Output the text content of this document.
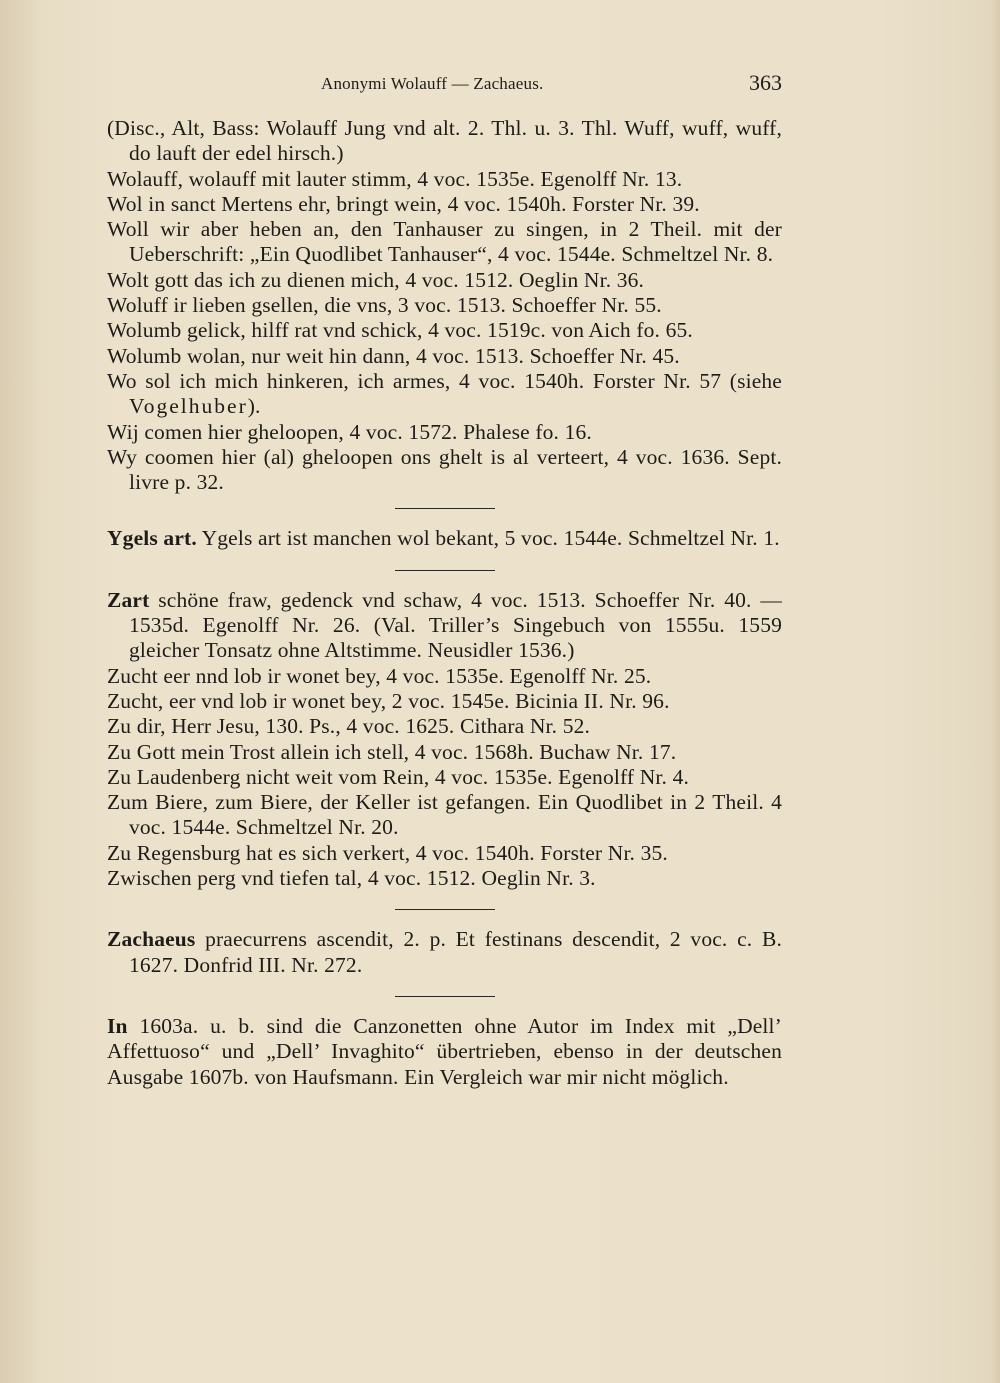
Anonymi Wolauff — Zachaeus.	363
(Disc., Alt, Bass: Wolauff Jung vnd alt. 2. Thl. u. 3. Thl. Wuff, wuff, wuff, do lauft der edel hirsch.)
Wolauff, wolauff mit lauter stimm, 4 voc. 1535e. Egenolff Nr. 13.
Wol in sanct Mertens ehr, bringt wein, 4 voc. 1540h. Forster Nr. 39.
Woll wir aber heben an, den Tanhauser zu singen, in 2 Theil. mit der Ueberschrift: „Ein Quodlibet Tanhauser“, 4 voc. 1544e. Schmeltzel Nr. 8.
Wolt gott das ich zu dienen mich, 4 voc. 1512. Oeglin Nr. 36.
Woluff ir lieben gsellen, die vns, 3 voc. 1513. Schoeffer Nr. 55.
Wolumb gelick, hilff rat vnd schick, 4 voc. 1519c. von Aich fo. 65.
Wolumb wolan, nur weit hin dann, 4 voc. 1513. Schoeffer Nr. 45.
Wo sol ich mich hinkeren, ich armes, 4 voc. 1540h. Forster Nr. 57 (siehe Vogelhuber).
Wij comen hier gheloopen, 4 voc. 1572. Phalese fo. 16.
Wy coomen hier (al) gheloopen ons ghelt is al verteert, 4 voc. 1636. Sept. livre p. 32.
Ygels art. Ygels art ist manchen wol bekant, 5 voc. 1544e. Schmeltzel Nr. 1.
Zart schöne fraw, gedenck vnd schaw, 4 voc. 1513. Schoeffer Nr. 40. — 1535d. Egenolff Nr. 26. (Val. Triller’s Singebuch von 1555u. 1559 gleicher Tonsatz ohne Altstimme. Neusidler 1536.)
Zucht eer nnd lob ir wonet bey, 4 voc. 1535e. Egenolff Nr. 25.
Zucht, eer vnd lob ir wonet bey, 2 voc. 1545e. Bicinia II. Nr. 96.
Zu dir, Herr Jesu, 130. Ps., 4 voc. 1625. Cithara Nr. 52.
Zu Gott mein Trost allein ich stell, 4 voc. 1568h. Buchaw Nr. 17.
Zu Laudenberg nicht weit vom Rein, 4 voc. 1535e. Egenolff Nr. 4.
Zum Biere, zum Biere, der Keller ist gefangen. Ein Quodlibet in 2 Theil. 4 voc. 1544e. Schmeltzel Nr. 20.
Zu Regensburg hat es sich verkert, 4 voc. 1540h. Forster Nr. 35.
Zwischen perg vnd tiefen tal, 4 voc. 1512. Oeglin Nr. 3.
Zachaeus praecurrens ascendit, 2. p. Et festinans descendit, 2 voc. c. B. 1627. Donfrid III. Nr. 272.
In 1603a. u. b. sind die Canzonetten ohne Autor im Index mit „Dell’ Affettuoso“ und „Dell’ Invaghito“ übertrieben, ebenso in der deutschen Ausgabe 1607b. von Haufsmann. Ein Vergleich war mir nicht möglich.
